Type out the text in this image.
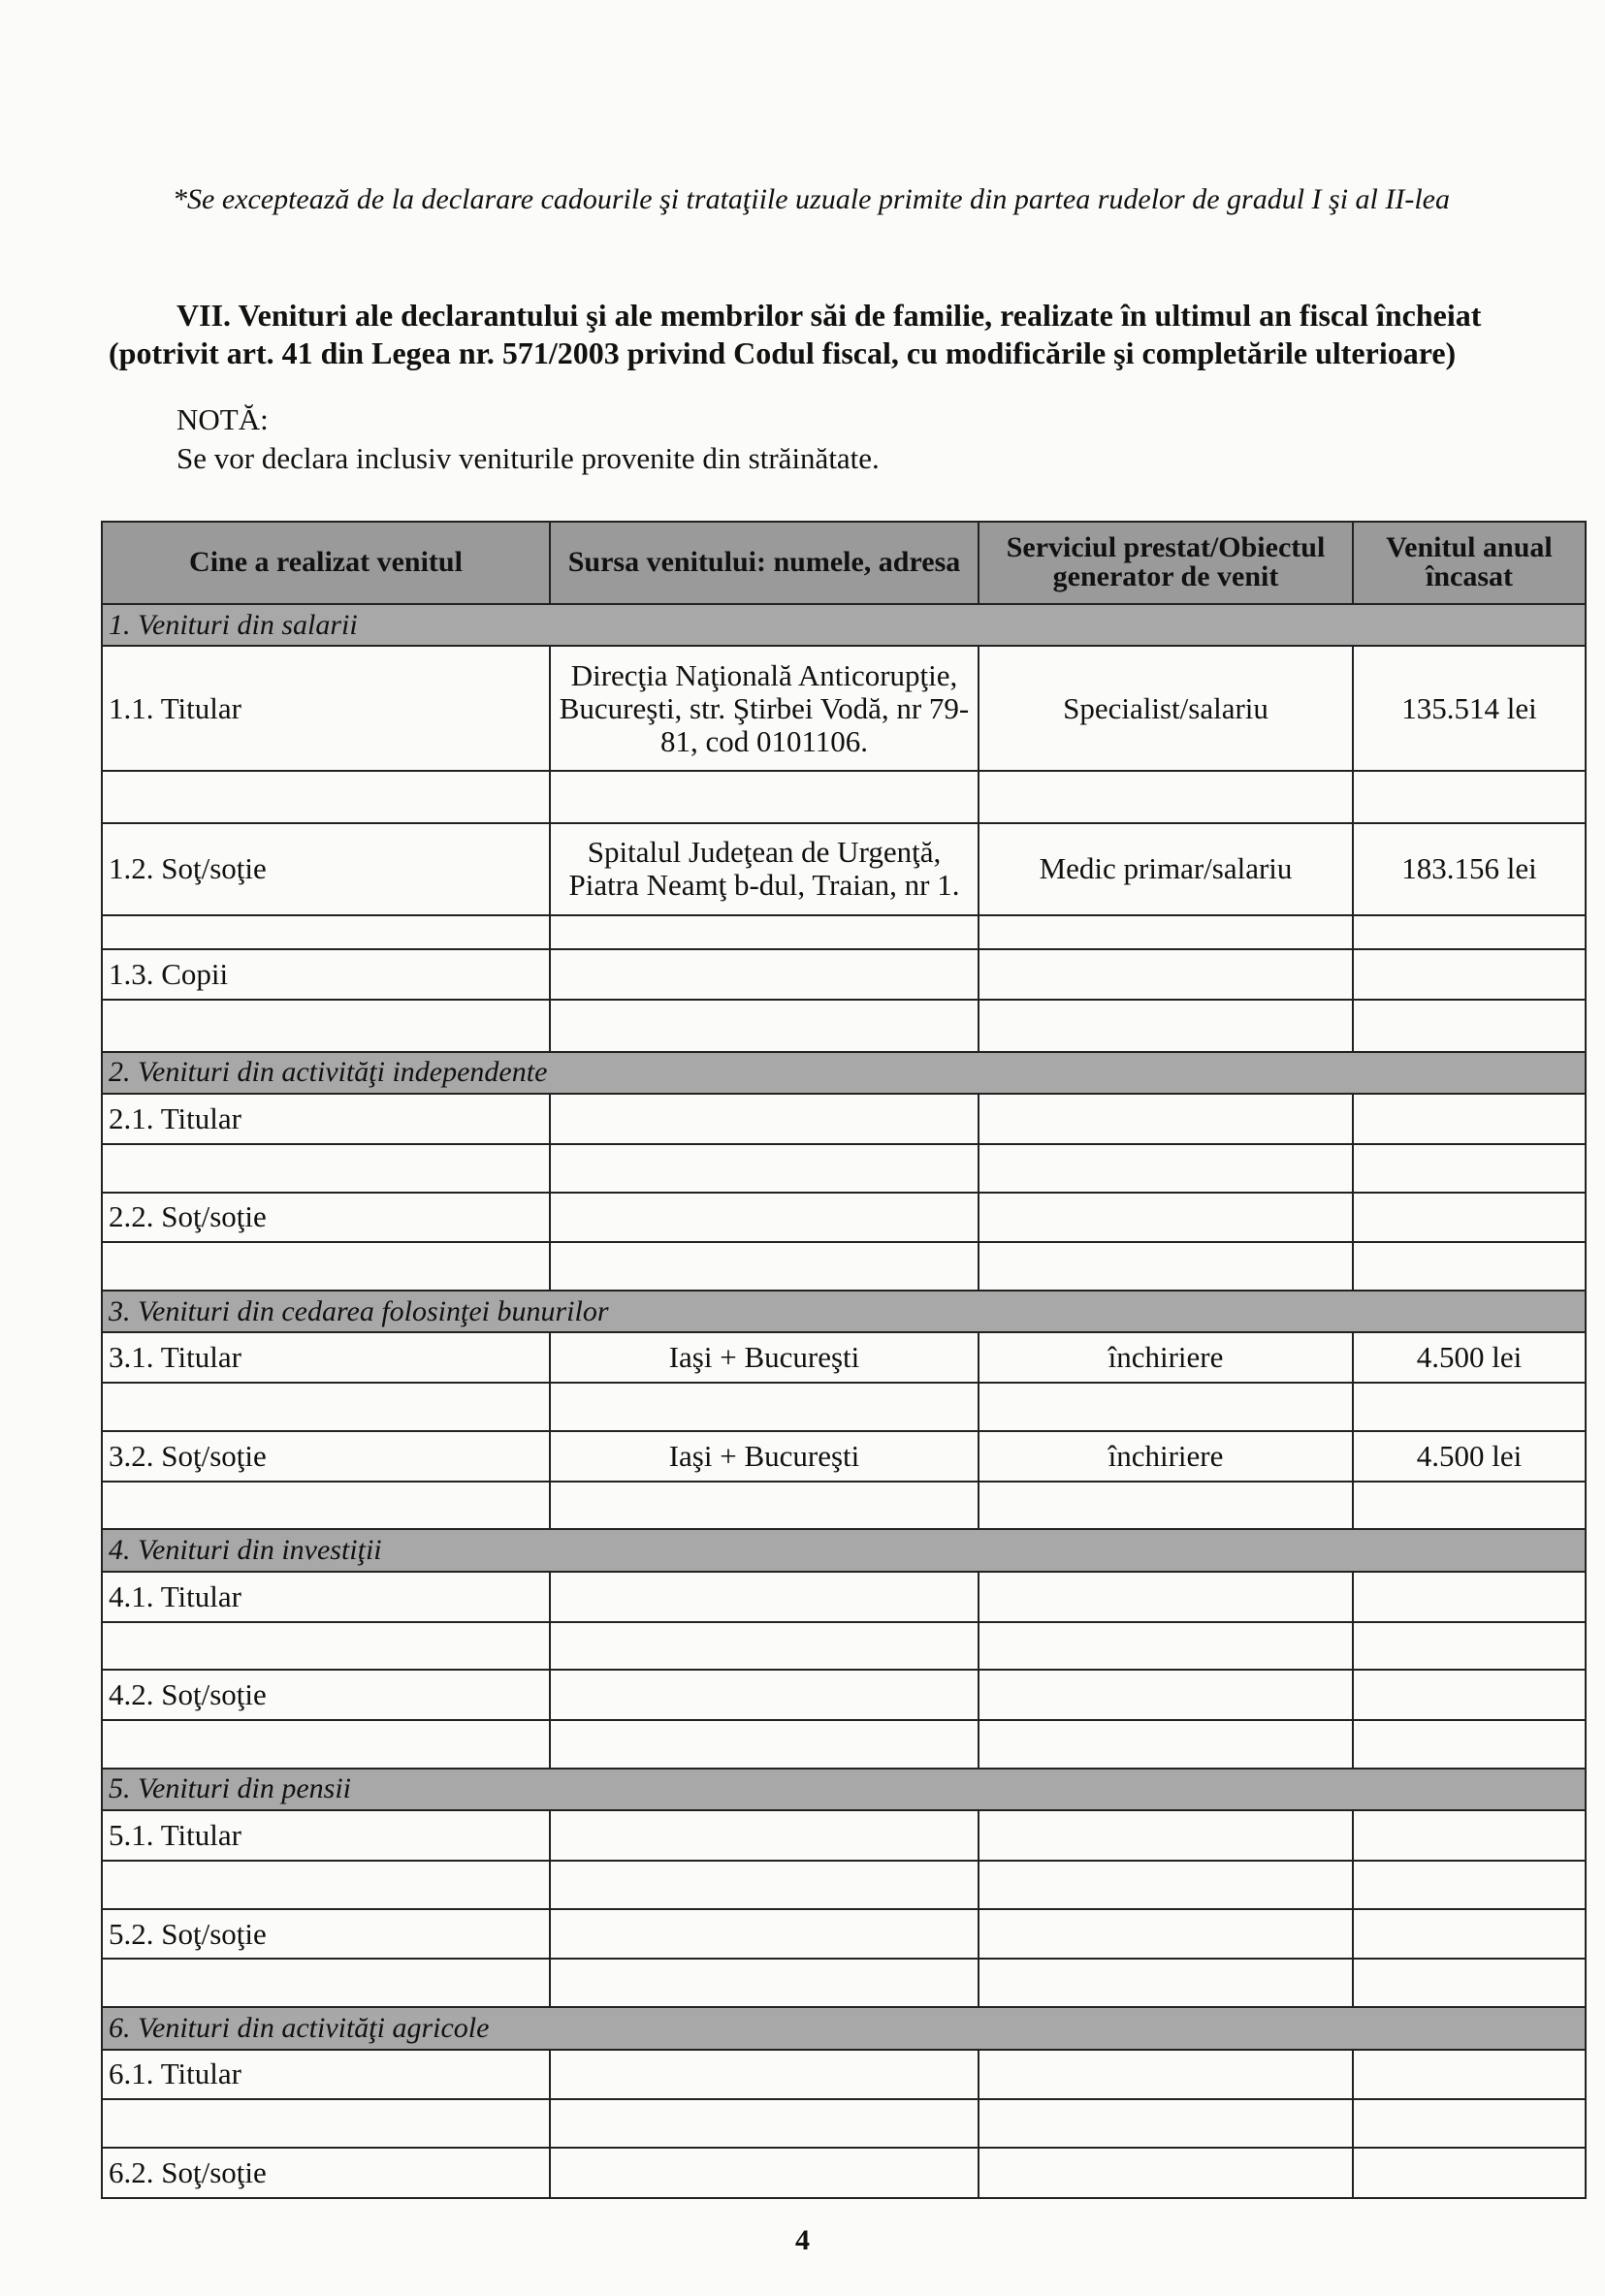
*Se exceptează de la declarare cadourile şi trataţiile uzuale primite din partea rudelor de gradul I şi al II-lea
VII. Venituri ale declarantului şi ale membrilor săi de familie, realizate în ultimul an fiscal încheiat (potrivit art. 41 din Legea nr. 571/2003 privind Codul fiscal, cu modificările şi completările ulterioare)
NOTĂ:
Se vor declara inclusiv veniturile provenite din străinătate.
Cine a realizat venitul	Sursa venitului: numele, adresa	Serviciul prestat/Obiectul generator de venit	Venitul anual încasat
1. Venituri din salarii			
1.1. Titular	Direcţia Naţională Anticorupţie, Bucureşti, str. Ştirbei Vodă, nr 79-81, cod 0101106.	Specialist/salariu	135.514 lei

1.2. Soţ/soţie	Spitalul Judeţean de Urgenţă, Piatra Neamţ b-dul, Traian, nr 1.	Medic primar/salariu	183.156 lei

1.3. Copii			

2. Venituri din activităţi independente			
2.1. Titular			

2.2. Soţ/soţie			

3. Venituri din cedarea folosinţei bunurilor			
3.1. Titular	Iaşi + Bucureşti	închiriere	4.500 lei

3.2. Soţ/soţie	Iaşi + Bucureşti	închiriere	4.500 lei

4. Venituri din investiţii			
4.1. Titular			

4.2. Soţ/soţie			

5. Venituri din pensii			
5.1. Titular			

5.2. Soţ/soţie			

6. Venituri din activităţi agricole			
6.1. Titular			

6.2. Soţ/soţie			
4
